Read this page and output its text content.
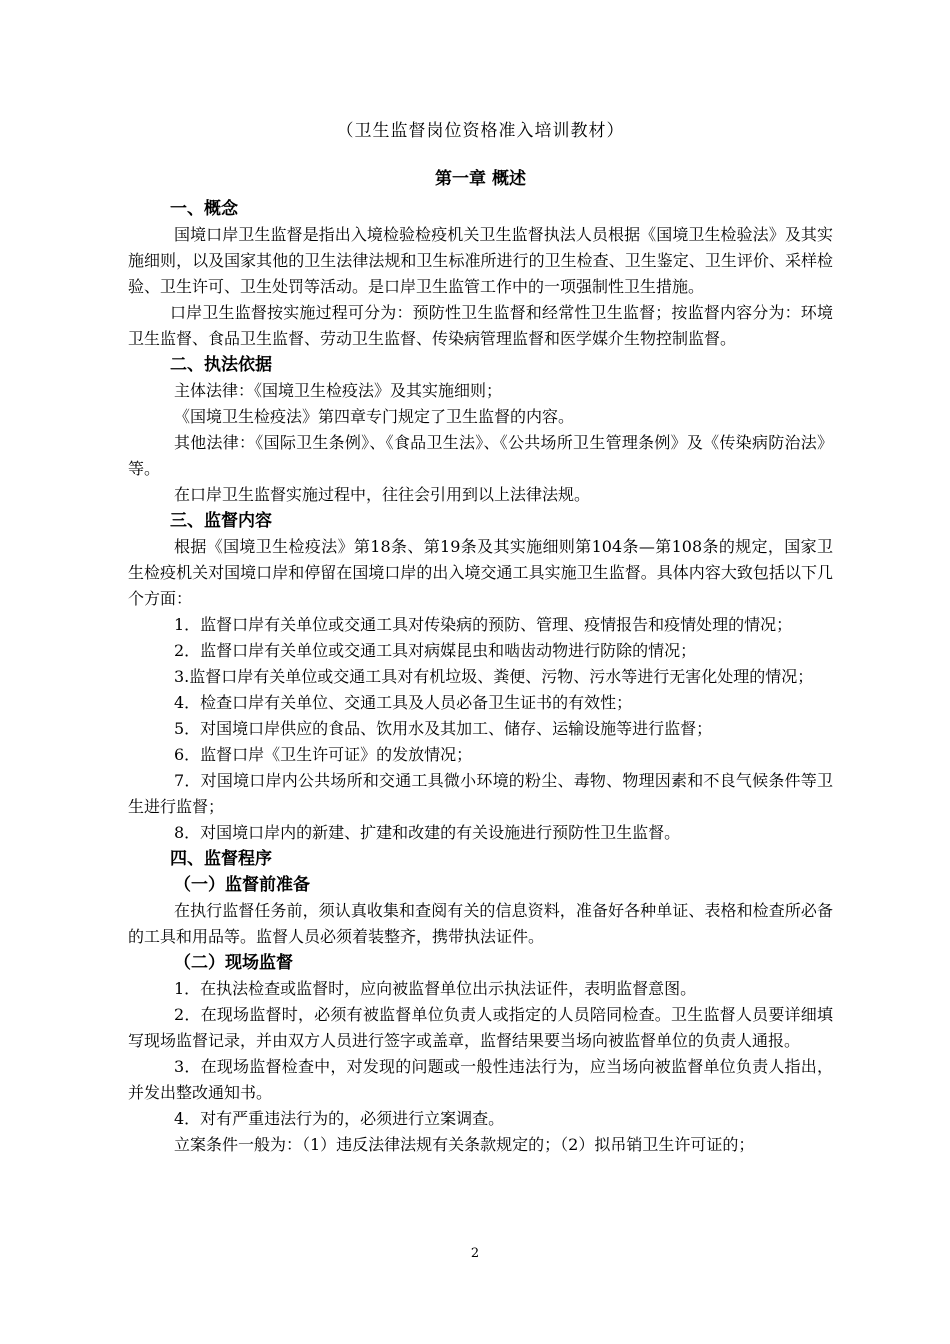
（卫生监督岗位资格准入培训教材）
第一章 概述
一、概念

国境口岸卫生监督是指出入境检验检疫机关卫生监督执法人员根据《国境卫生检验法》及其实施细则，以及国家其他的卫生法律法规和卫生标准所进行的卫生检查、卫生鉴定、卫生评价、采样检验、卫生许可、卫生处罚等活动。是口岸卫生监管工作中的一项强制性卫生措施。

口岸卫生监督按实施过程可分为：预防性卫生监督和经常性卫生监督；按监督内容分为：环境卫生监督、食品卫生监督、劳动卫生监督、传染病管理监督和医学媒介生物控制监督。

二、执法依据

主体法律：《国境卫生检疫法》及其实施细则；

《国境卫生检疫法》第四章专门规定了卫生监督的内容。

其他法律：《国际卫生条例》、《食品卫生法》、《公共场所卫生管理条例》及《传染病防治法》等。

在口岸卫生监督实施过程中，往往会引用到以上法律法规。

三、监督内容

根据《国境卫生检疫法》第18条、第19条及其实施细则第104条—第108条的规定，国家卫生检疫机关对国境口岸和停留在国境口岸的出入境交通工具实施卫生监督。具体内容大致包括以下几个方面：

1．监督口岸有关单位或交通工具对传染病的预防、管理、疫情报告和疫情处理的情况；

2．监督口岸有关单位或交通工具对病媒昆虫和啮齿动物进行防除的情况；

3.监督口岸有关单位或交通工具对有机垃圾、粪便、污物、污水等进行无害化处理的情况；

4．检查口岸有关单位、交通工具及人员必备卫生证书的有效性；

5．对国境口岸供应的食品、饮用水及其加工、储存、运输设施等进行监督；

6．监督口岸《卫生许可证》的发放情况；

7．对国境口岸内公共场所和交通工具微小环境的粉尘、毒物、物理因素和不良气候条件等卫生进行监督；

8．对国境口岸内的新建、扩建和改建的有关设施进行预防性卫生监督。

四、监督程序
（一）监督前准备

在执行监督任务前，须认真收集和查阅有关的信息资料，准备好各种单证、表格和检查所必备的工具和用品等。监督人员必须着装整齐，携带执法证件。

（二）现场监督

1．在执法检查或监督时，应向被监督单位出示执法证件，表明监督意图。

2．在现场监督时，必须有被监督单位负责人或指定的人员陪同检查。卫生监督人员要详细填写现场监督记录，并由双方人员进行签字或盖章，监督结果要当场向被监督单位的负责人通报。

3．在现场监督检查中，对发现的问题或一般性违法行为，应当场向被监督单位负责人指出，并发出整改通知书。

4．对有严重违法行为的，必须进行立案调查。

立案条件一般为：（1）违反法律法规有关条款规定的；（2）拟吊销卫生许可证的；

2
